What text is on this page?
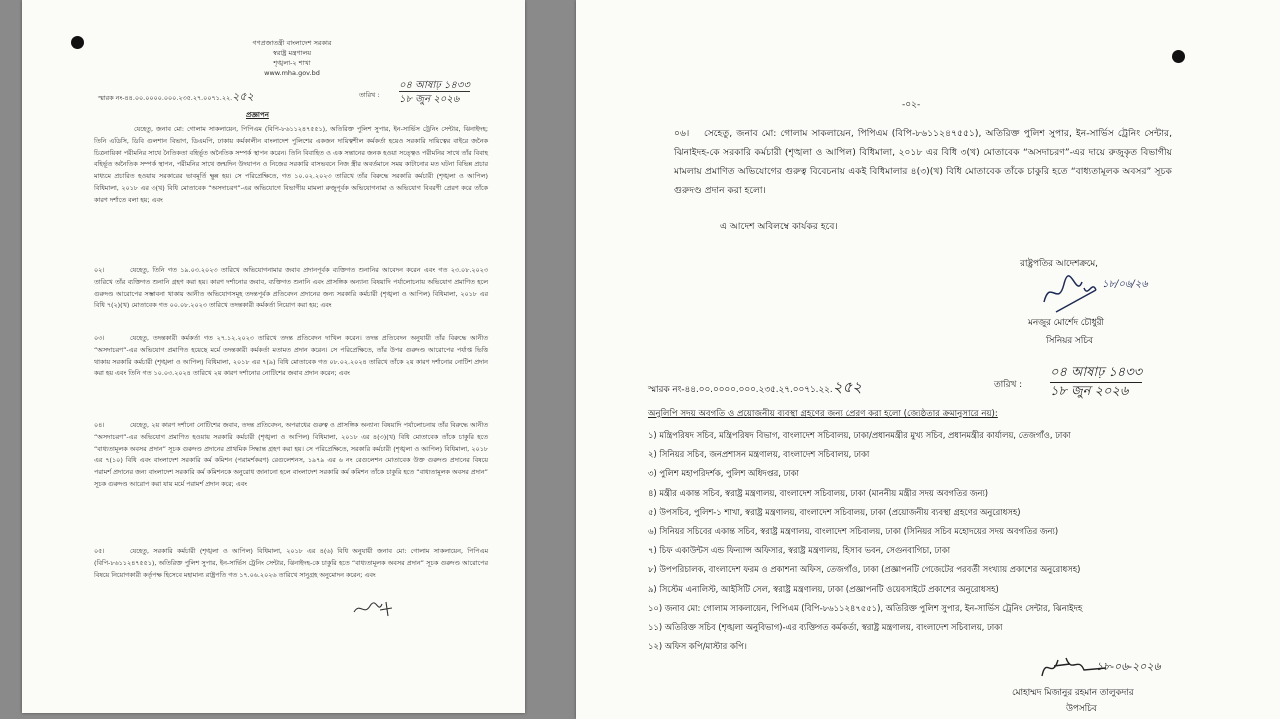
গণপ্রজাতন্ত্রী বাংলাদেশ সরকার
স্বরাষ্ট্র মন্ত্রণালয়
শৃঙ্খলা-২ শাখা
www.mha.gov.bd
স্মারক নং-৪৪.০০.০০০০.০০০.২৩৫.২৭.০০৭১.২২.২৫২	তারিখ :
০৪ আষাঢ় ১৪৩৩
১৮ জুন ২০২৬
প্রজ্ঞাপন
যেহেতু, জনাব মো: গোলাম সাকলায়েন, পিপিএম (বিপি-৮৬১১২৪৭৫৫১), অতিরিক্ত পুলিশ সুপার, ইন-সার্ভিস ট্রেনিং সেন্টার, ঝিনাইদহ; তিনি এডিসি, ডিবি গুলশান বিভাগ, ডিএমপি, ঢাকায় কর্মকালীন বাংলাদেশ পুলিশের একজন দায়িত্বশীল কর্মকর্তা হয়েও সরকারি দায়িত্বের বাইরে জনৈক চিত্রনায়িকা পরীমনির সাথে নৈতিকতা বহির্ভূত অনৈতিক সম্পর্ক স্থাপন করেন। তিনি বিবাহিত ও এক সন্তানের জনক হওয়া সত্ত্বেও পরীমনির সাথে তাঁর বিবাহ বহির্ভূত অনৈতিক সম্পর্ক স্থাপন, পরীমনির সাথে জন্মদিন উদযাপন ও নিজের সরকারি বাসভবনে নিজ স্ত্রীর অবর্তমানে সময় কাটানোর মত ঘটনা বিভিন্ন প্রচার মাধ্যমে প্রচারিত হওয়ায় সরকারের ভাবমূর্তি ক্ষুন্ন হয়। সে পরিপ্রেক্ষিতে, গত ১০.০২.২০২৩ তারিখে তাঁর বিরুদ্ধে সরকারি কর্মচারী (শৃঙ্খলা ও আপিল) বিধিমালা, ২০১৮ এর ৩(খ) বিধি মোতাবেক “অসদাচরণ”-এর অভিযোগে বিভাগীয় মামলা রুজুপূর্বক অভিযোগনামা ও অভিযোগ বিবরণী প্রেরণ করে তাঁকে কারণ দর্শাতে বলা হয়; এবং
০২।	যেহেতু, তিনি গত ১৯.০৩.২০২৩ তারিখে অভিযোগনামার জবাব প্রদানপূর্বক ব্যক্তিগত শুনানির আবেদন করেন এবং গত ২৩.০৮.২০২৩ তারিখে তাঁর ব্যক্তিগত শুনানি গ্রহণ করা হয়। কারণ দর্শানোর জবাব, ব্যক্তিগত শুনানি এবং প্রাসঙ্গিক অন্যান্য বিষয়াদি পর্যালোচনায় অভিযোগ প্রমাণিত হলে গুরুদণ্ড আরোপের সম্ভাবনা থাকায় আনীত অভিযোগসমূহ তদন্তপূর্বক প্রতিবেদন প্রদানের জন্য সরকারি কর্মচারী (শৃঙ্খলা ও আপিল) বিধিমালা, ২০১৮ এর বিধি ৭(২)(খ) মোতাবেক গত ০০.০৮.২০২৩ তারিখে তদন্তকারী কর্মকর্তা নিয়োগ করা হয়; এবং
০৩।	যেহেতু, তদন্তকারী কর্মকর্তা গত ২৭.১২.২০২৩ তারিখে তদন্ত প্রতিবেদন দাখিল করেন। তদন্ত প্রতিবেদন অনুযায়ী তাঁর বিরুদ্ধে আনীত “অসদাচরণ”-এর অভিযোগ প্রমাণিত হয়েছে মর্মে তদন্তকারী কর্মকর্তা মতামত প্রদান করেন। সে পরিপ্রেক্ষিতে, তাঁর উপর গুরুদণ্ড আরোপের পর্যাপ্ত ভিত্তি থাকায় সরকারি কর্মচারী (শৃঙ্খলা ও আপিল) বিধিমালা, ২০১৮ এর ৭(৯) বিধি মোতাবেক গত ০৮.০২.২০২৪ তারিখে তাঁকে ২য় কারণ দর্শানোর নোটিশ প্রদান করা হয় এবং তিনি গত ১০.০৩.২০২৪ তারিখে ২য় কারণ দর্শানোর নোটিশের জবাব প্রদান করেন; এবং
০৪।	যেহেতু, ২য় কারণ দর্শানো নোটিশের জবাব, তদন্ত প্রতিবেদন, অপরাধের গুরুত্ব ও প্রাসঙ্গিক অন্যান্য বিষয়াদি পর্যালোচনায় তাঁর বিরুদ্ধে আনীত “অসদাচরণ”-এর অভিযোগ প্রমাণিত হওয়ায় সরকারি কর্মচারী (শৃঙ্খলা ও আপিল) বিধিমালা, ২০১৮ এর ৪(৩)(খ) বিধি মোতাবেক তাঁকে চাকুরি হতে “বাধ্যতামূলক অবসর প্রদান” সূচক গুরুদণ্ড প্রদানের প্রাথমিক সিদ্ধান্ত গ্রহণ করা হয়। সে পরিপ্রেক্ষিতে, সরকারি কর্মচারী (শৃঙ্খলা ও আপিল) বিধিমালা, ২০১৮ এর ৭(১০) বিধি এবং বাংলাদেশ সরকারি কর্ম কমিশন (পরামর্শকরণ) রেগুলেশনস, ১৯৭৯ এর ৬ নং রেগুলেশন মোতাবেক উক্ত গুরুদণ্ড প্রদানের বিষয়ে পরামর্শ প্রদানের জন্য বাংলাদেশ সরকারি কর্ম কমিশনকে অনুরোধ জানানো হলে বাংলাদেশ সরকারি কর্ম কমিশন তাঁকে চাকুরি হতে “বাধ্যতামূলক অবসর প্রদান” সূচক গুরুদণ্ড আরোপ করা যায় মর্মে পরামর্শ প্রদান করে; এবং
০৫।	যেহেতু, সরকারি কর্মচারী (শৃঙ্খলা ও আপিল) বিধিমালা, ২০১৮ এর ৪(৬) বিধি অনুযায়ী জনাব মো: গোলাম সাকলায়েন, পিপিএম (বিপি-৮৬১১২৪৭৫৫১), অতিরিক্ত পুলিশ সুপার, ইন-সার্ভিস ট্রেনিং সেন্টার, ঝিনাইদহ-কে চাকুরি হতে “বাধ্যতামূলক অবসর প্রদান” সূচক গুরুদণ্ড আরোপের বিষয়ে নিয়োগকারী কর্তৃপক্ষ হিসেবে মহামান্য রাষ্ট্রপতি গত ১৭.০৬.২০২৬ তারিখে সানুগ্রহ অনুমোদন করেন; এবং
-০২-
০৬। সেহেতু, জনাব মো: গোলাম সাকলায়েন, পিপিএম (বিপি-৮৬১১২৪৭৫৫১), অতিরিক্ত পুলিশ সুপার, ইন-সার্ভিস ট্রেনিং সেন্টার, ঝিনাইদহ-কে সরকারি কর্মচারী (শৃঙ্খলা ও আপিল) বিধিমালা, ২০১৮ এর বিধি ৩(খ) মোতাবেক “অসদাচরণ”-এর দায়ে রুজুকৃত বিভাগীয় মামলায় প্রমাণিত অভিযোগের গুরুত্ব বিবেচনায় একই বিধিমালার ৪(৩)(খ) বিধি মোতাবেক তাঁকে চাকুরি হতে “বাধ্যতামূলক অবসর” সূচক গুরুদণ্ড প্রদান করা হলো।
এ আদেশ অবিলম্বে কার্যকর হবে।
রাষ্ট্রপতির আদেশক্রমে,
১৮/০৬/২৬
মনজুর মোর্শেদ চৌধুরী
সিনিয়র সচিব
স্মারক নং-৪৪.০০.০০০০.০০০.২৩৫.২৭.০০৭১.২২.২৫২	তারিখ :
০৪ আষাঢ় ১৪৩৩
১৮ জুন ২০২৬
অনুলিপি সদয় অবগতি ও প্রয়োজনীয় ব্যবস্থা গ্রহণের জন্য প্রেরণ করা হলো (জ্যেষ্ঠতার ক্রমানুসারে নয়):
১) মন্ত্রিপরিষদ সচিব, মন্ত্রিপরিষদ বিভাগ, বাংলাদেশ সচিবালয়, ঢাকা/প্রধানমন্ত্রীর মুখ্য সচিব, প্রধানমন্ত্রীর কার্যালয়, তেজগাঁও, ঢাকা
২) সিনিয়র সচিব, জনপ্রশাসন মন্ত্রণালয়, বাংলাদেশ সচিবালয়, ঢাকা
৩) পুলিশ মহাপরিদর্শক, পুলিশ অধিদপ্তর, ঢাকা
৪) মন্ত্রীর একান্ত সচিব, স্বরাষ্ট্র মন্ত্রণালয়, বাংলাদেশ সচিবালয়, ঢাকা (মাননীয় মন্ত্রীর সদয় অবগতির জন্য)
৫) উপসচিব, পুলিশ-১ শাখা, স্বরাষ্ট্র মন্ত্রণালয়, বাংলাদেশ সচিবালয়, ঢাকা (প্রয়োজনীয় ব্যবস্থা গ্রহণের অনুরোধসহ)
৬) সিনিয়র সচিবের একান্ত সচিব, স্বরাষ্ট্র মন্ত্রণালয়, বাংলাদেশ সচিবালয়, ঢাকা (সিনিয়র সচিব মহোদয়ের সদয় অবগতির জন্য)
৭) চিফ একাউন্টস এন্ড ফিন্যান্স অফিসার, স্বরাষ্ট্র মন্ত্রণালয়, হিসাব ভবন, সেগুনবাগিচা, ঢাকা
৮) উপপরিচালক, বাংলাদেশ ফরম ও প্রকাশনা অফিস, তেজগাঁও, ঢাকা (প্রজ্ঞাপনটি গেজেটের পরবর্তী সংখ্যায় প্রকাশের অনুরোধসহ)
৯) সিস্টেম এনালিস্ট, আইসিটি সেল, স্বরাষ্ট্র মন্ত্রণালয়, ঢাকা (প্রজ্ঞাপনটি ওয়েবসাইটে প্রকাশের অনুরোধসহ)
১০) জনাব মো: গোলাম সাকলায়েন, পিপিএম (বিপি-৮৬১১২৪৭৫৫১), অতিরিক্ত পুলিশ সুপার, ইন-সার্ভিস ট্রেনিং সেন্টার, ঝিনাইদহ
১১) অতিরিক্ত সচিব (শৃঙ্খলা অনুবিভাগ)-এর ব্যক্তিগত কর্মকর্তা, স্বরাষ্ট্র মন্ত্রণালয়, বাংলাদেশ সচিবালয়, ঢাকা
১২) অফিস কপি/মাস্টার কপি।
১৮-০৬-২০২৬
মোহাম্মদ মিজানুর রহমান তালুকদার
উপসচিব
